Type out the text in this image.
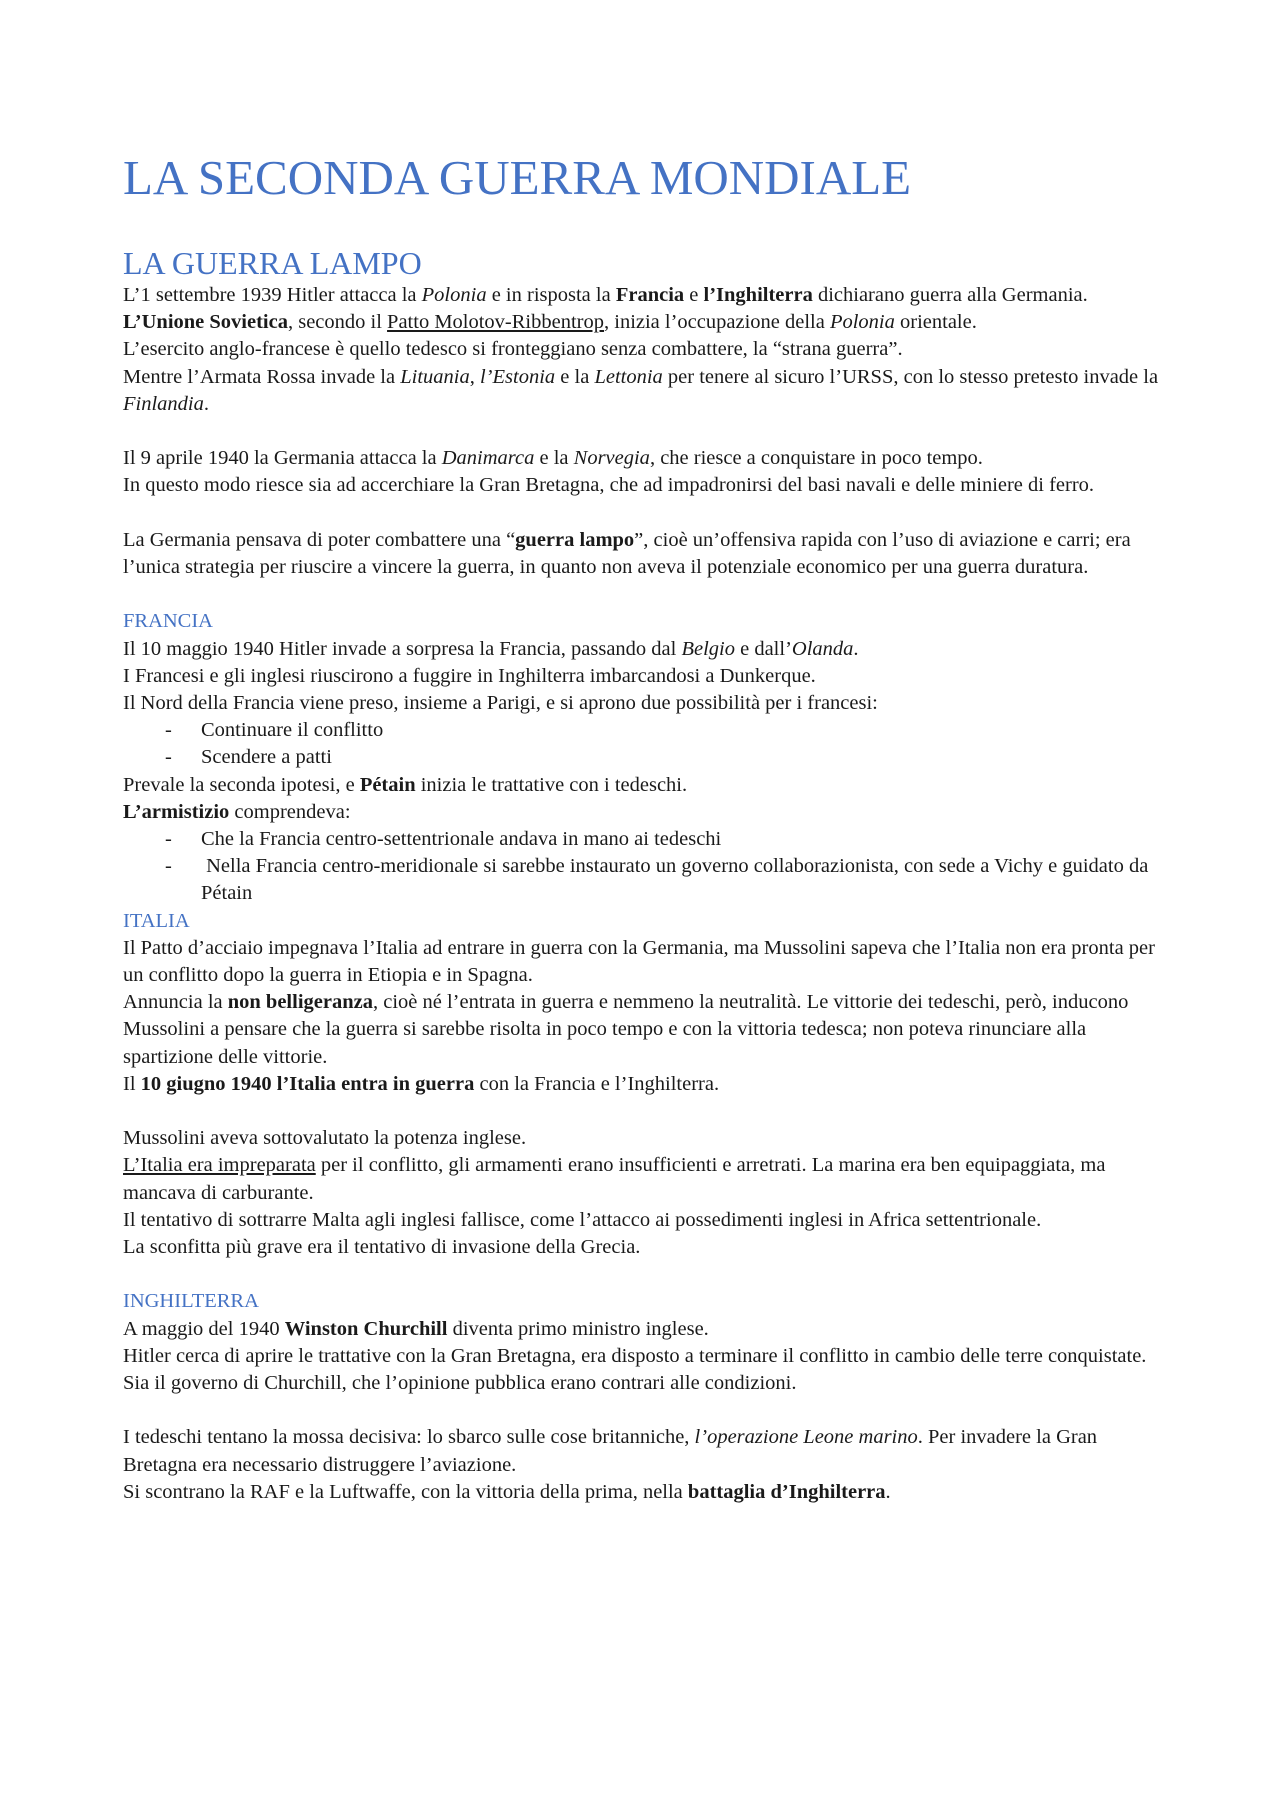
LA SECONDA GUERRA MONDIALE
LA GUERRA LAMPO

L’1 settembre 1939 Hitler attacca la Polonia e in risposta la Francia e l’Inghilterra dichiarano guerra alla Germania.

L’Unione Sovietica, secondo il Patto Molotov-Ribbentrop, inizia l’occupazione della Polonia orientale.

L’esercito anglo-francese è quello tedesco si fronteggiano senza combattere, la “strana guerra”.

Mentre l’Armata Rossa invade la Lituania, l’Estonia e la Lettonia per tenere al sicuro l’URSS, con lo stesso pretesto invade la Finlandia.

Il 9 aprile 1940 la Germania attacca la Danimarca e la Norvegia, che riesce a conquistare in poco tempo.

In questo modo riesce sia ad accerchiare la Gran Bretagna, che ad impadronirsi del basi navali e delle miniere di ferro.

La Germania pensava di poter combattere una “guerra lampo”, cioè un’offensiva rapida con l’uso di aviazione e carri; era l’unica strategia per riuscire a vincere la guerra, in quanto non aveva il potenziale economico per una guerra duratura.

FRANCIA

Il 10 maggio 1940 Hitler invade a sorpresa la Francia, passando dal Belgio e dall’Olanda.

I Francesi e gli inglesi riuscirono a fuggire in Inghilterra imbarcandosi a Dunkerque.

Il Nord della Francia viene preso, insieme a Parigi, e si aprono due possibilità per i francesi:

- Continuare il conflitto
- Scendere a patti

Prevale la seconda ipotesi, e Pétain inizia le trattative con i tedeschi.

L’armistizio comprendeva:

- Che la Francia centro-settentrionale andava in mano ai tedeschi
-  Nella Francia centro-meridionale si sarebbe instaurato un governo collaborazionista, con sede a Vichy e guidato da Pétain
ITALIA

Il Patto d’acciaio impegnava l’Italia ad entrare in guerra con la Germania, ma Mussolini sapeva che l’Italia non era pronta per un conflitto dopo la guerra in Etiopia e in Spagna.

Annuncia la non belligeranza, cioè né l’entrata in guerra e nemmeno la neutralità. Le vittorie dei tedeschi, però, inducono Mussolini a pensare che la guerra si sarebbe risolta in poco tempo e con la vittoria tedesca; non poteva rinunciare alla spartizione delle vittorie.

Il 10 giugno 1940 l’Italia entra in guerra con la Francia e l’Inghilterra.

Mussolini aveva sottovalutato la potenza inglese.

L’Italia era impreparata per il conflitto, gli armamenti erano insufficienti e arretrati. La marina era ben equipaggiata, ma mancava di carburante.

Il tentativo di sottrarre Malta agli inglesi fallisce, come l’attacco ai possedimenti inglesi in Africa settentrionale.

La sconfitta più grave era il tentativo di invasione della Grecia.

INGHILTERRA

A maggio del 1940 Winston Churchill diventa primo ministro inglese.

Hitler cerca di aprire le trattative con la Gran Bretagna, era disposto a terminare il conflitto in cambio delle terre conquistate. Sia il governo di Churchill, che l’opinione pubblica erano contrari alle condizioni.

I tedeschi tentano la mossa decisiva: lo sbarco sulle cose britanniche, l’operazione Leone marino. Per invadere la Gran Bretagna era necessario distruggere l’aviazione.

Si scontrano la RAF e la Luftwaffe, con la vittoria della prima, nella battaglia d’Inghilterra.
